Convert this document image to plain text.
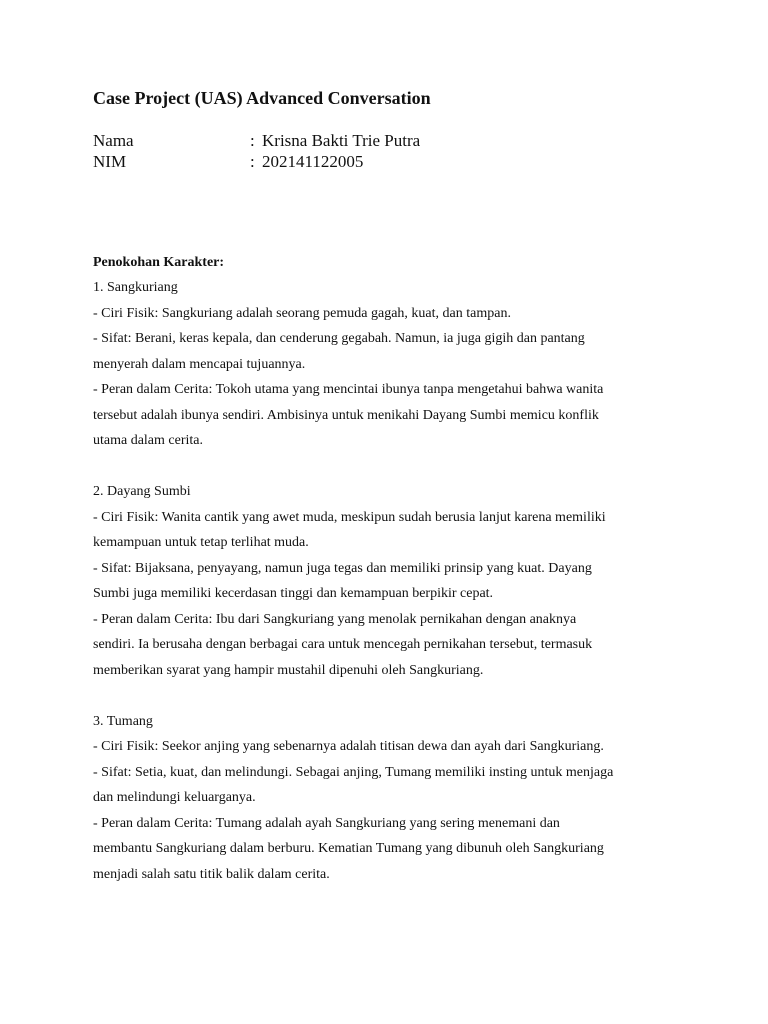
Case Project (UAS) Advanced Conversation
Nama	: Krisna Bakti Trie Putra
NIM	: 202141122005
Penokohan Karakter:
1. Sangkuriang
- Ciri Fisik: Sangkuriang adalah seorang pemuda gagah, kuat, dan tampan.
- Sifat: Berani, keras kepala, dan cenderung gegabah. Namun, ia juga gigih dan pantang
menyerah dalam mencapai tujuannya.
- Peran dalam Cerita: Tokoh utama yang mencintai ibunya tanpa mengetahui bahwa wanita
tersebut adalah ibunya sendiri. Ambisinya untuk menikahi Dayang Sumbi memicu konflik
utama dalam cerita.
2. Dayang Sumbi
- Ciri Fisik: Wanita cantik yang awet muda, meskipun sudah berusia lanjut karena memiliki
kemampuan untuk tetap terlihat muda.
- Sifat: Bijaksana, penyayang, namun juga tegas dan memiliki prinsip yang kuat. Dayang
Sumbi juga memiliki kecerdasan tinggi dan kemampuan berpikir cepat.
- Peran dalam Cerita: Ibu dari Sangkuriang yang menolak pernikahan dengan anaknya
sendiri. Ia berusaha dengan berbagai cara untuk mencegah pernikahan tersebut, termasuk
memberikan syarat yang hampir mustahil dipenuhi oleh Sangkuriang.
3. Tumang
- Ciri Fisik: Seekor anjing yang sebenarnya adalah titisan dewa dan ayah dari Sangkuriang.
- Sifat: Setia, kuat, dan melindungi. Sebagai anjing, Tumang memiliki insting untuk menjaga
dan melindungi keluarganya.
- Peran dalam Cerita: Tumang adalah ayah Sangkuriang yang sering menemani dan
membantu Sangkuriang dalam berburu. Kematian Tumang yang dibunuh oleh Sangkuriang
menjadi salah satu titik balik dalam cerita.
